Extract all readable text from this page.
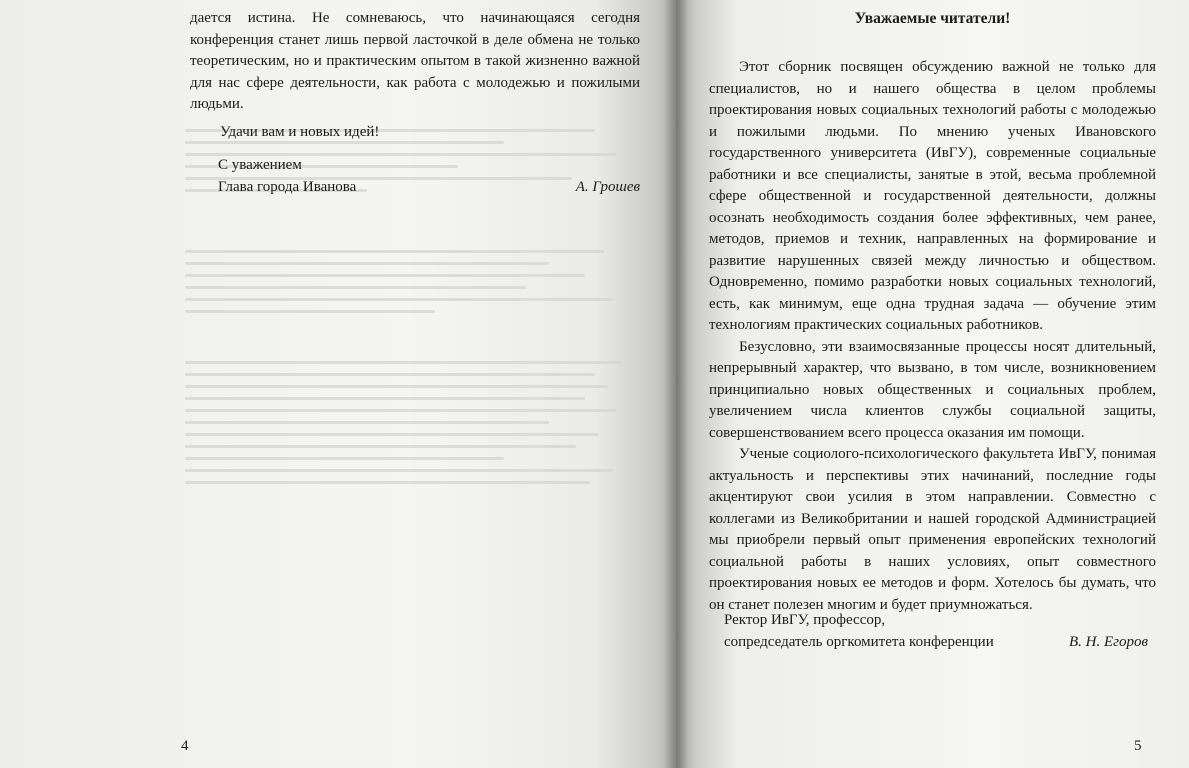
дается истина. Не сомневаюсь, что начинающаяся сегодня конференция станет лишь первой ласточкой в деле обмена не только теоретическим, но и практическим опытом в такой жизненно важной для нас сфере деятельности, как работа с молодежью и пожилыми людьми.

Удачи вам и новых идей!

С уважением
Глава города Иванова	А. Грошев
4
Уважаемые читатели!

Этот сборник посвящен обсуждению важной не только для специалистов, но и нашего общества в целом проблемы проектирования новых социальных технологий работы с молодежью и пожилыми людьми. По мнению ученых Ивановского государственного университета (ИвГУ), современные социальные работники и все специалисты, занятые в этой, весьма проблемной сфере общественной и государственной деятельности, должны осознать необходимость создания более эффективных, чем ранее, методов, приемов и техник, направленных на формирование и развитие нарушенных связей между личностью и обществом. Одновременно, помимо разработки новых социальных технологий, есть, как минимум, еще одна трудная задача — обучение этим технологиям практических социальных работников.

Безусловно, эти взаимосвязанные процессы носят длительный, непрерывный характер, что вызвано, в том числе, возникновением принципиально новых общественных и социальных проблем, увеличением числа клиентов службы социальной защиты, совершенствованием всего процесса оказания им помощи.

Ученые социолого-психологического факультета ИвГУ, понимая актуальность и перспективы этих начинаний, последние годы акцентируют свои усилия в этом направлении. Совместно с коллегами из Великобритании и нашей городской Администрацией мы приобрели первый опыт применения европейских технологий социальной работы в наших условиях, опыт совместного проектирования новых ее методов и форм. Хотелось бы думать, что он станет полезен многим и будет приумножаться.

Ректор ИвГУ, профессор,
сопредседатель оргкомитета конференции	В. Н. Егоров
5
